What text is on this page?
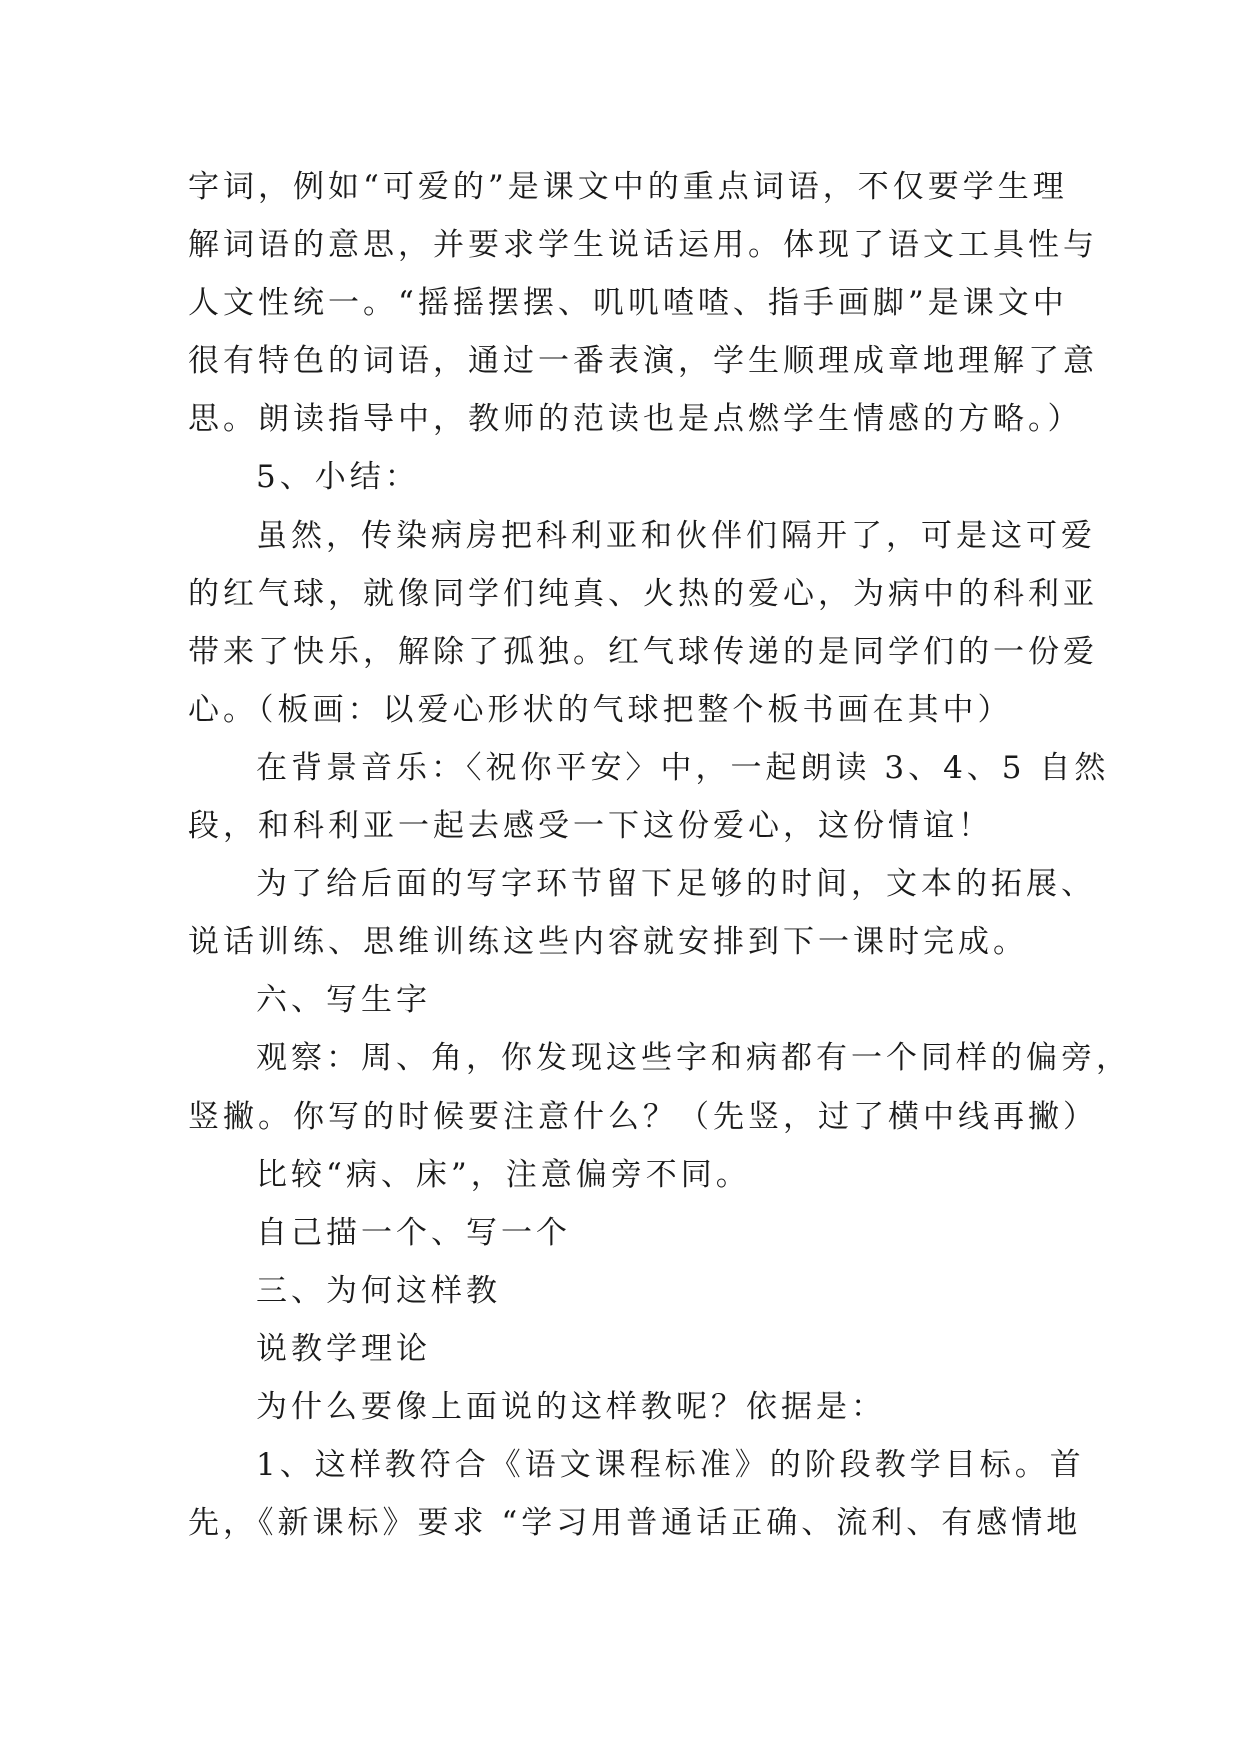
字词，例如“可爱的”是课文中的重点词语，不仅要学生理
解词语的意思，并要求学生说话运用。体现了语文工具性与
人文性统一。“摇摇摆摆、叽叽喳喳、指手画脚”是课文中
很有特色的词语，通过一番表演，学生顺理成章地理解了意
思。朗读指导中，教师的范读也是点燃学生情感的方略。）
5、小结：
虽然，传染病房把科利亚和伙伴们隔开了，可是这可爱
的红气球，就像同学们纯真、火热的爱心，为病中的科利亚
带来了快乐，解除了孤独。红气球传递的是同学们的一份爱
心。（板画：以爱心形状的气球把整个板书画在其中）
在背景音乐：〈祝你平安〉中，一起朗读 3、4、5 自然
段，和科利亚一起去感受一下这份爱心，这份情谊！
为了给后面的写字环节留下足够的时间，文本的拓展、
说话训练、思维训练这些内容就安排到下一课时完成。
六、写生字
观察：周、角，你发现这些字和病都有一个同样的偏旁，
竖撇。你写的时候要注意什么？（先竖，过了横中线再撇）
比较“病、床”，注意偏旁不同。
自己描一个、写一个
三、为何这样教
说教学理论
为什么要像上面说的这样教呢？依据是：
1、这样教符合《语文课程标准》的阶段教学目标。首
先，《新课标》要求 “学习用普通话正确、流利、有感情地
